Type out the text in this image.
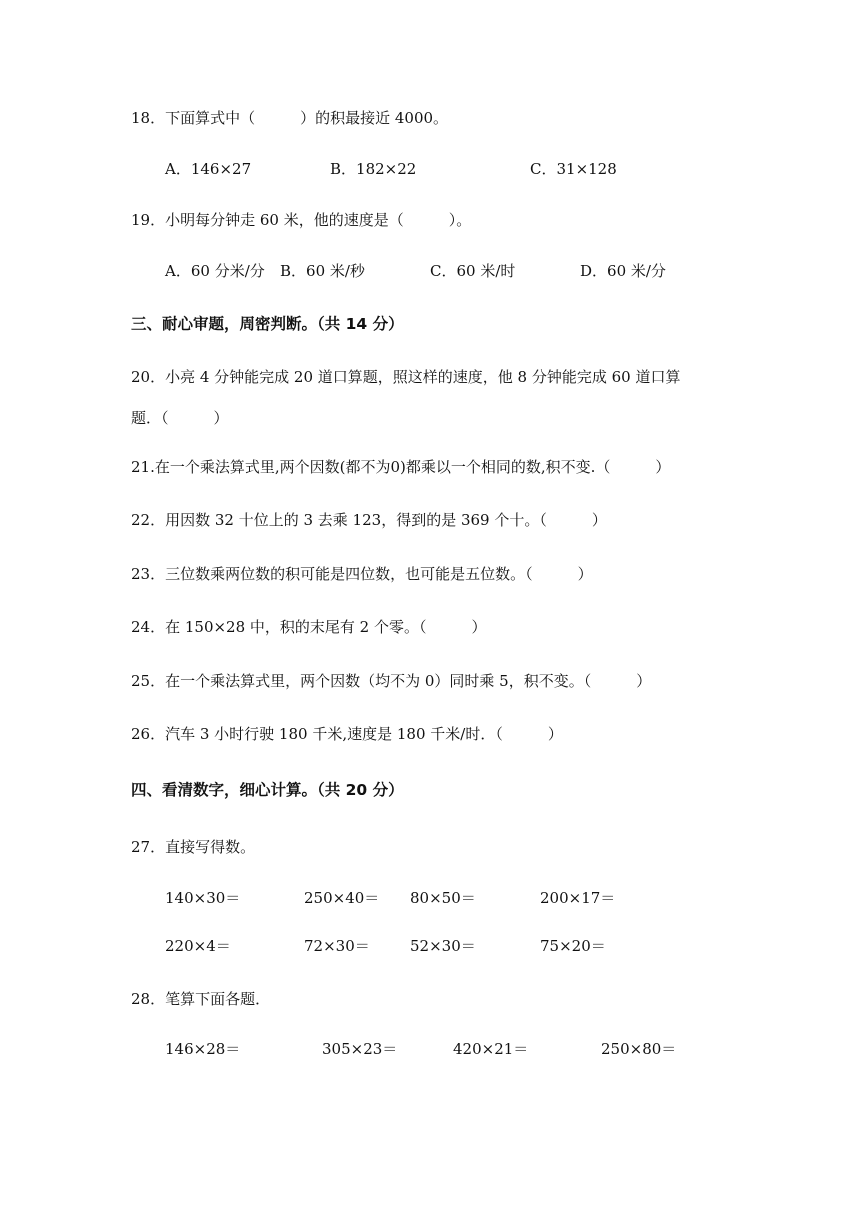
18．下面算式中（　　　）的积最接近 4000。
A．146×27	B．182×22	C．31×128
19．小明每分钟走 60 米，他的速度是（　　　）。
A．60 分米/分 B．60 米/秒	C．60 米/时	D．60 米/分
三、耐心审题，周密判断。（共 14 分）
20．小亮 4 分钟能完成 20 道口算题，照这样的速度，他 8 分钟能完成 60 道口算
题．（　　　）
21.在一个乘法算式里,两个因数(都不为0)都乘以一个相同的数,积不变.（　　　）
22．用因数 32 十位上的 3 去乘 123，得到的是 369 个十。（　　　）
23．三位数乘两位数的积可能是四位数，也可能是五位数。（　　　）
24．在 150×28 中，积的末尾有 2 个零。（　　　）
25．在一个乘法算式里，两个因数（均不为 0）同时乘 5，积不变。（　　　）
26．汽车 3 小时行驶 180 千米,速度是 180 千米/时．（　　　）
四、看清数字，细心计算。（共 20 分）
27．直接写得数。
140×30＝	250×40＝ 80×50＝	200×17＝
220×4＝	72×30＝	52×30＝	75×20＝
28．笔算下面各题．
146×28＝	305×23＝	420×21＝	250×80＝
